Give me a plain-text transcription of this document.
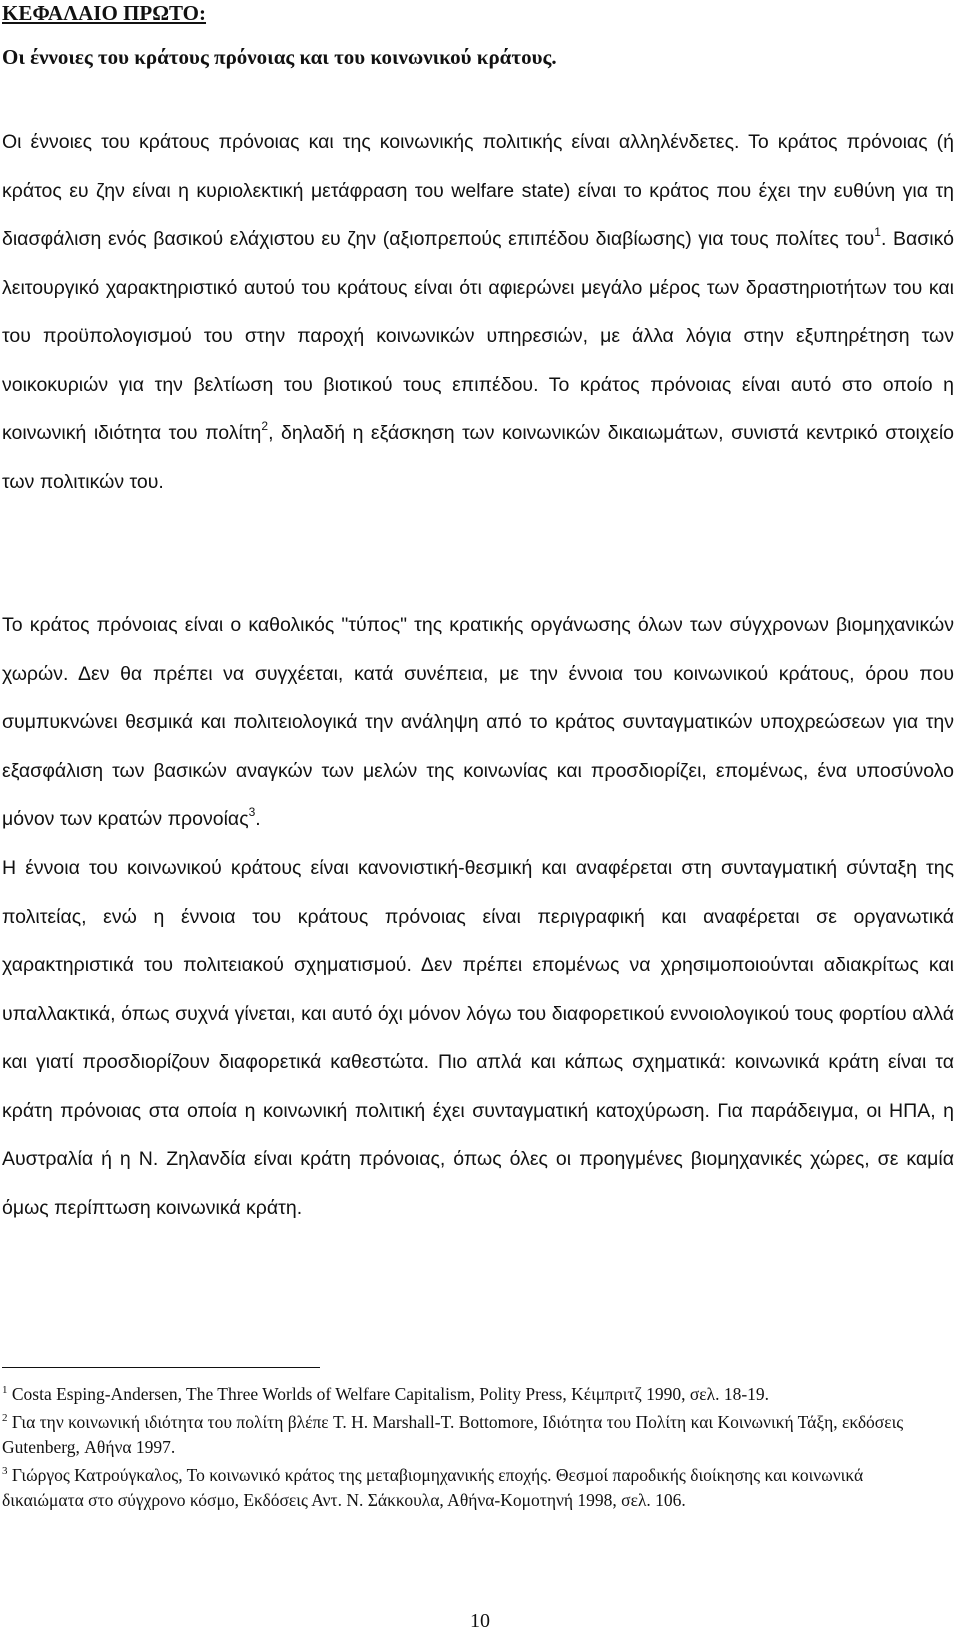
ΚΕΦΑΛΑΙΟ ΠΡΩΤΟ:
Οι έννοιες του κράτους πρόνοιας και του κοινωνικού κράτους.

Οι έννοιες του κράτους πρόνοιας και της κοινωνικής πολιτικής είναι αλληλένδετες. Το κράτος πρόνοιας (ή κράτος ευ ζην είναι η κυριολεκτική μετάφραση του welfare state) είναι το κράτος που έχει την ευθύνη για τη διασφάλιση ενός βασικού ελάχιστου ευ ζην (αξιοπρεπούς επιπέδου διαβίωσης) για τους πολίτες του$^1$. Βασικό λειτουργικό χαρακτηριστικό αυτού του κράτους είναι ότι αφιερώνει μεγάλο μέρος των δραστηριοτήτων του και του προϋπολογισμού του στην παροχή κοινωνικών υπηρεσιών, με άλλα λόγια στην εξυπηρέτηση των νοικοκυριών για την βελτίωση του βιοτικού τους επιπέδου. Το κράτος πρόνοιας είναι αυτό στο οποίο η κοινωνική ιδιότητα του πολίτη$^2$, δηλαδή η εξάσκηση των κοινωνικών δικαιωμάτων, συνιστά κεντρικό στοιχείο των πολιτικών του.

Το κράτος πρόνοιας είναι ο καθολικός "τύπος" της κρατικής οργάνωσης όλων των σύγχρονων βιομηχανικών χωρών. Δεν θα πρέπει να συγχέεται, κατά συνέπεια, με την έννοια του κοινωνικού κράτους, όρου που συμπυκνώνει θεσμικά και πολιτειολογικά την ανάληψη από το κράτος συνταγματικών υποχρεώσεων για την εξασφάλιση των βασικών αναγκών των μελών της κοινωνίας και προσδιορίζει, επομένως, ένα υποσύνολο μόνον των κρατών προνοίας$^3$.

Η έννοια του κοινωνικού κράτους είναι κανονιστική-θεσμική και αναφέρεται στη συνταγματική σύνταξη της πολιτείας, ενώ η έννοια του κράτους πρόνοιας είναι περιγραφική και αναφέρεται σε οργανωτικά χαρακτηριστικά του πολιτειακού σχηματισμού. Δεν πρέπει επομένως να χρησιμοποιούνται αδιακρίτως και υπαλλακτικά, όπως συχνά γίνεται, και αυτό όχι μόνον λόγω του διαφορετικού εννοιολογικού τους φορτίου αλλά και γιατί προσδιορίζουν διαφορετικά καθεστώτα. Πιο απλά και κάπως σχηματικά: κοινωνικά κράτη είναι τα κράτη πρόνοιας στα οποία η κοινωνική πολιτική έχει συνταγματική κατοχύρωση. Για παράδειγμα, οι ΗΠΑ, η Αυστραλία ή η Ν. Ζηλανδία είναι κράτη πρόνοιας, όπως όλες οι προηγμένες βιομηχανικές χώρες, σε καμία όμως περίπτωση κοινωνικά κράτη.

$^1$ Costa Esping-Andersen, The Three Worlds of Welfare Capitalism, Polity Press, Κέιμπριτζ 1990, σελ. 18-19.

$^2$ Για την κοινωνική ιδιότητα του πολίτη βλέπε T. H. Marshall-T. Bottomore, Ιδιότητα του Πολίτη και Κοινωνική Τάξη, εκδόσεις Gutenberg, Αθήνα 1997.

$^3$ Γιώργος Κατρούγκαλος, Το κοινωνικό κράτος της μεταβιομηχανικής εποχής. Θεσμοί παροδικής διοίκησης και κοινωνικά δικαιώματα στο σύγχρονο κόσμο, Εκδόσεις Αντ. Ν. Σάκκουλα, Αθήνα-Κομοτηνή 1998, σελ. 106.

10
